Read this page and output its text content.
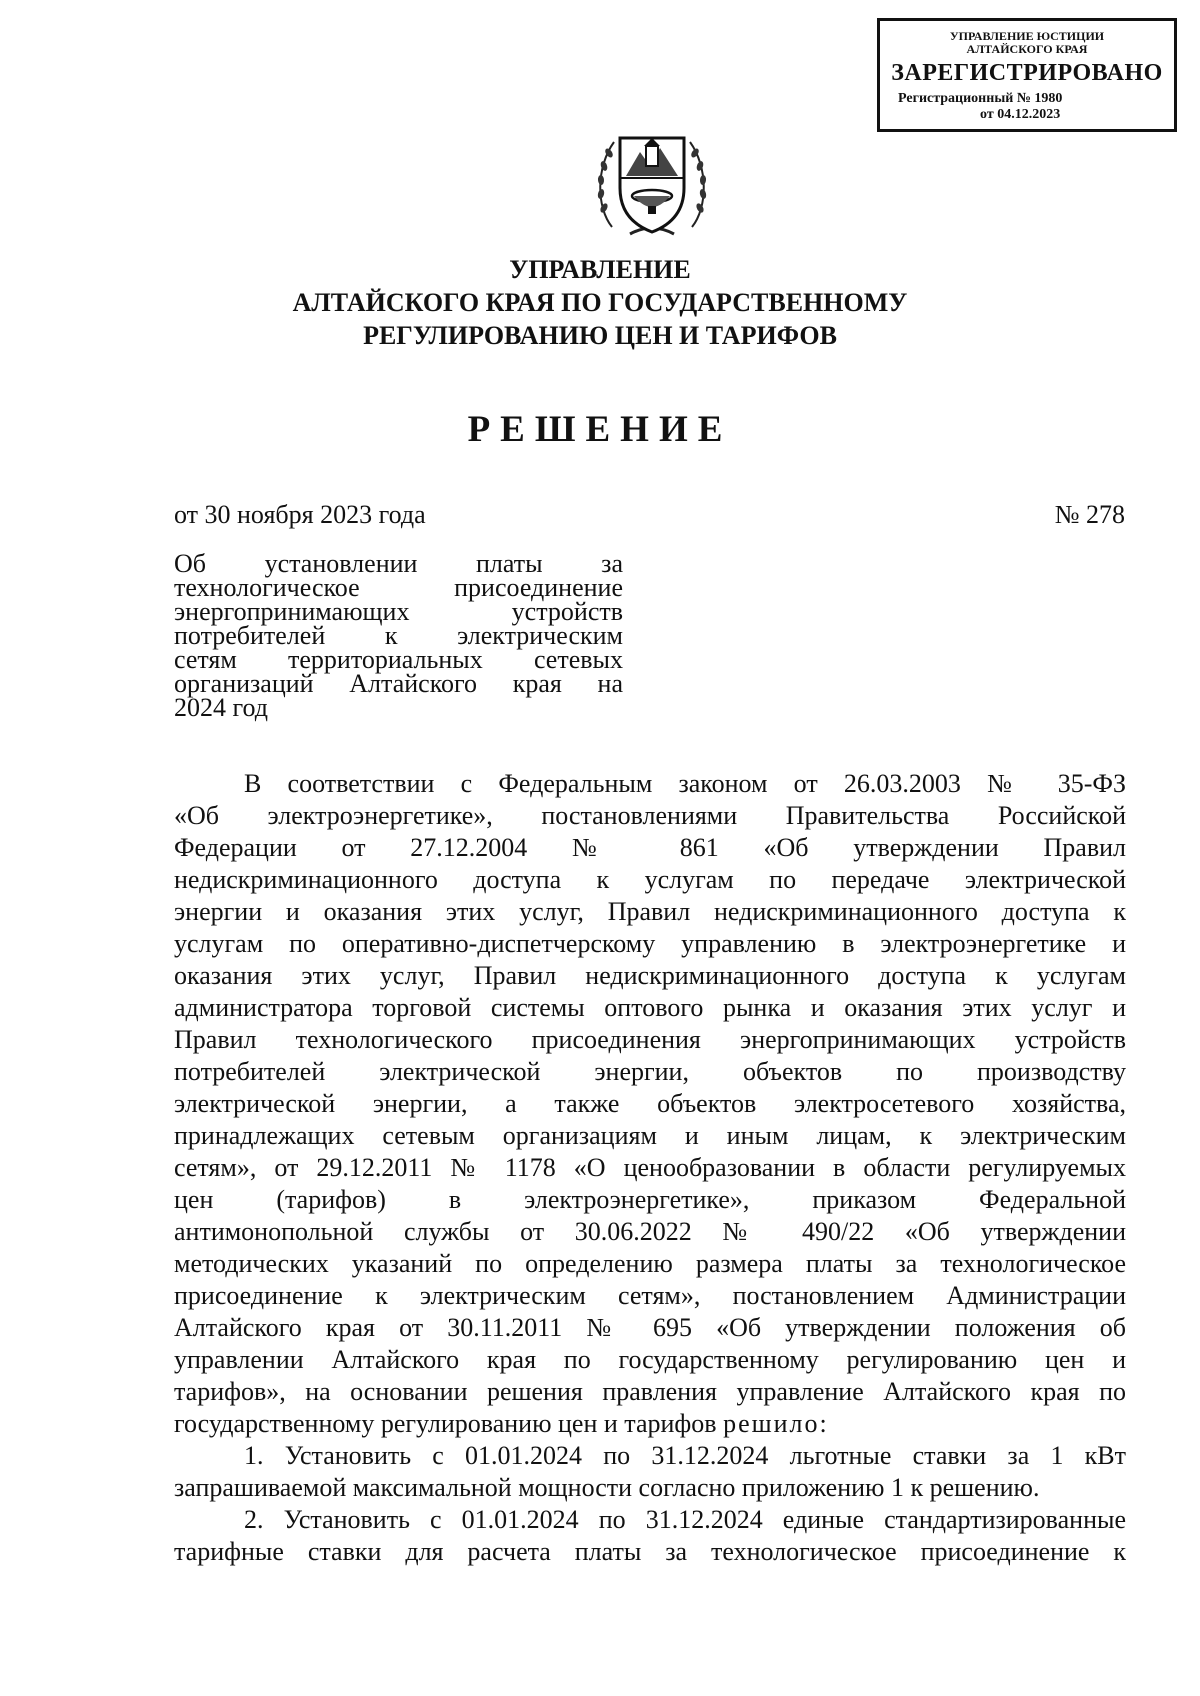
УПРАВЛЕНИЕ ЮСТИЦИИ
АЛТАЙСКОГО КРАЯ
ЗАРЕГИСТРИРОВАНО
Регистрационный № 1980
от 04.12.2023
УПРАВЛЕНИЕ
АЛТАЙСКОГО КРАЯ ПО ГОСУДАРСТВЕННОМУ
РЕГУЛИРОВАНИЮ ЦЕН И ТАРИФОВ
РЕШЕНИЕ
от 30 ноября 2023 года	№ 278
Об установлении платы за
технологическое присоединение
энергопринимающих устройств
потребителей к электрическим
сетям территориальных сетевых
организаций Алтайского края на
2024 год
В соответствии с Федеральным законом от 26.03.2003 № 35-ФЗ
«Об электроэнергетике», постановлениями Правительства Российской
Федерации от 27.12.2004 № 861 «Об утверждении Правил
недискриминационного доступа к услугам по передаче электрической
энергии и оказания этих услуг, Правил недискриминационного доступа к
услугам по оперативно-диспетчерскому управлению в электроэнергетике и
оказания этих услуг, Правил недискриминационного доступа к услугам
администратора торговой системы оптового рынка и оказания этих услуг и
Правил технологического присоединения энергопринимающих устройств
потребителей электрической энергии, объектов по производству
электрической энергии, а также объектов электросетевого хозяйства,
принадлежащих сетевым организациям и иным лицам, к электрическим
сетям», от 29.12.2011 № 1178 «О ценообразовании в области регулируемых
цен (тарифов) в электроэнергетике», приказом Федеральной
антимонопольной службы от 30.06.2022 № 490/22 «Об утверждении
методических указаний по определению размера платы за технологическое
присоединение к электрическим сетям», постановлением Администрации
Алтайского края от 30.11.2011 № 695 «Об утверждении положения об
управлении Алтайского края по государственному регулированию цен и
тарифов», на основании решения правления управление Алтайского края по
государственному регулированию цен и тарифов решило:
1. Установить с 01.01.2024 по 31.12.2024 льготные ставки за 1 кВт
запрашиваемой максимальной мощности согласно приложению 1 к решению.
2. Установить с 01.01.2024 по 31.12.2024 единые стандартизированные
тарифные ставки для расчета платы за технологическое присоединение к
